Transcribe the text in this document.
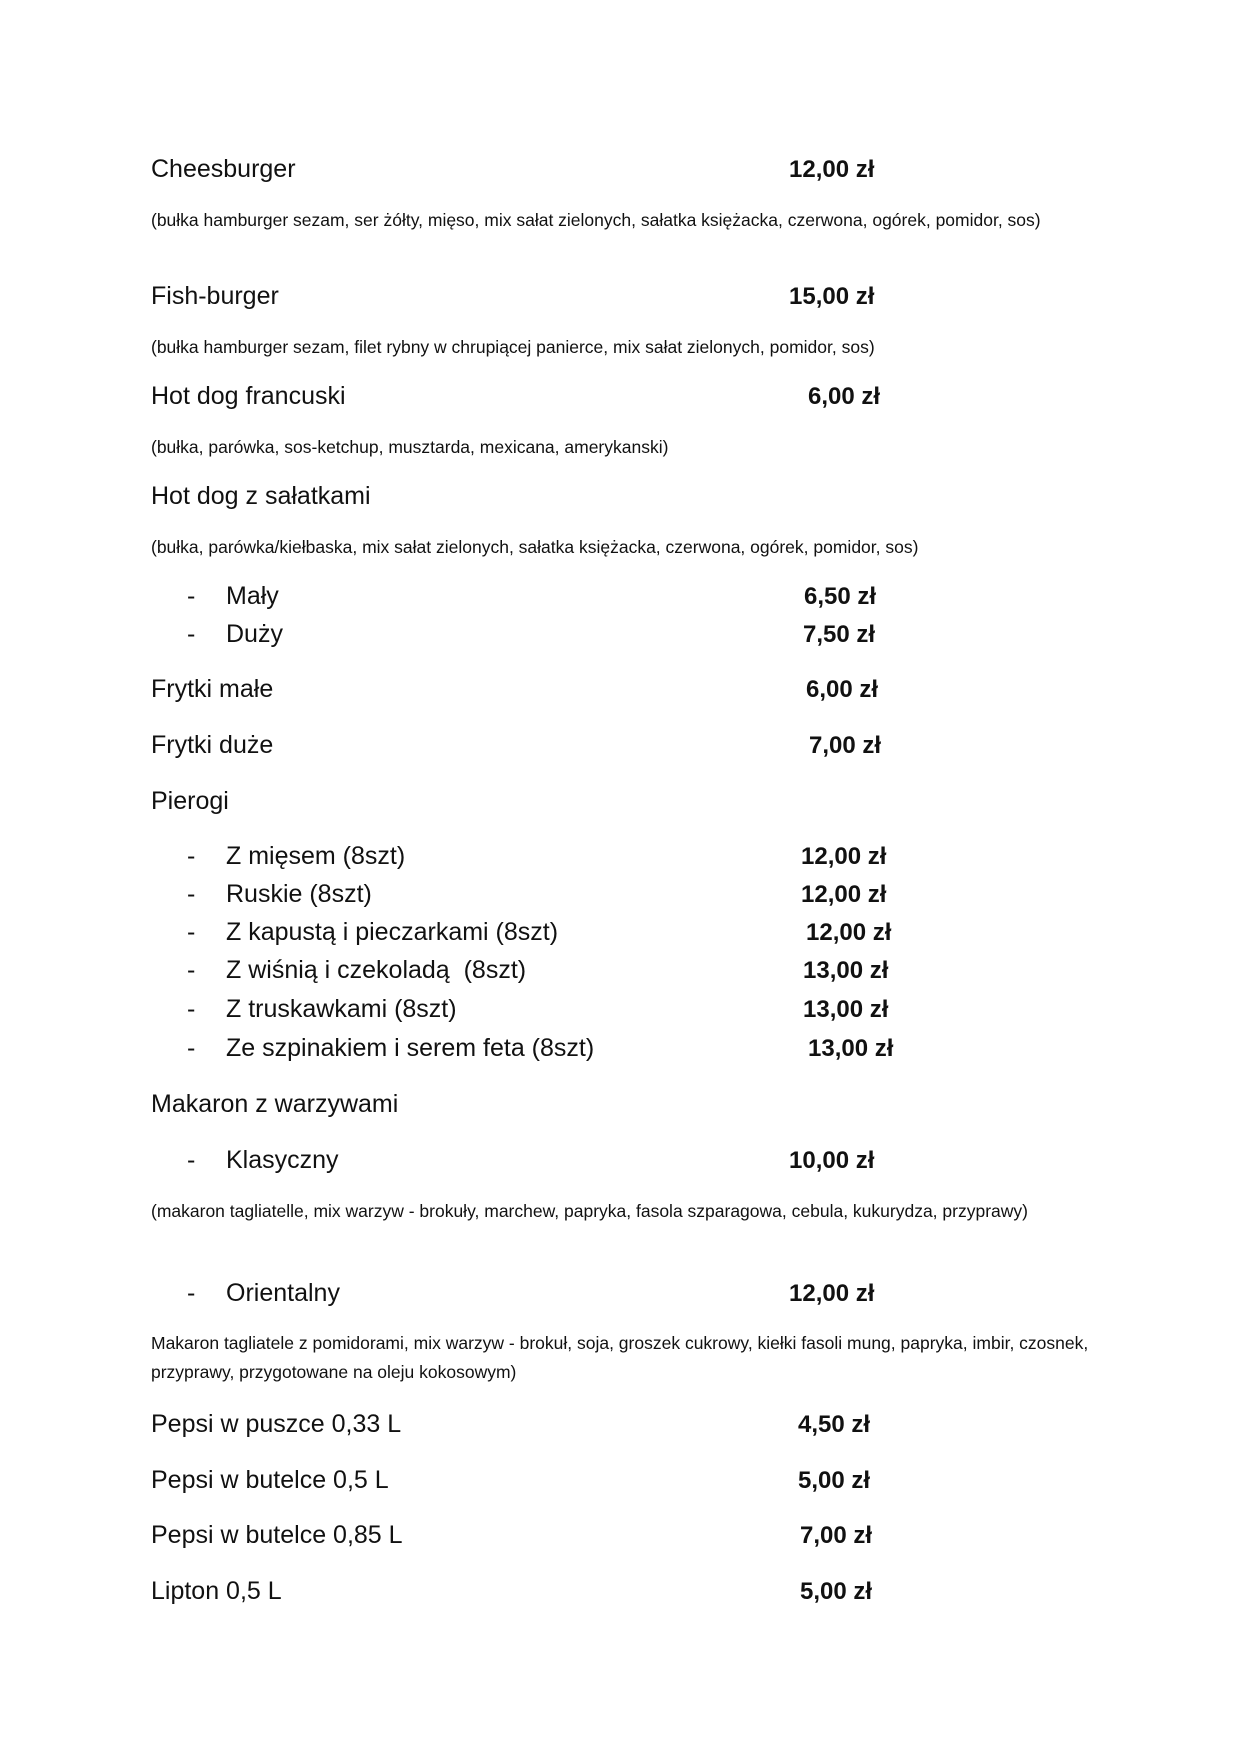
Cheesburger	12,00 zł
(bułka hamburger sezam, ser żółty, mięso, mix sałat zielonych, sałatka księżacka, czerwona, ogórek, pomidor, sos)
Fish-burger	15,00 zł
(bułka hamburger sezam, filet rybny w chrupiącej panierce, mix sałat zielonych, pomidor, sos)
Hot dog francuski	6,00 zł
(bułka, parówka, sos-ketchup, musztarda, mexicana, amerykanski)
Hot dog z sałatkami
(bułka, parówka/kiełbaska, mix sałat zielonych, sałatka księżacka, czerwona, ogórek, pomidor, sos)
- Mały	6,50 zł
- Duży	7,50 zł
Frytki małe	6,00 zł
Frytki duże	7,00 zł
Pierogi
- Z mięsem (8szt)	12,00 zł
- Ruskie (8szt)	12,00 zł
- Z kapustą i pieczarkami (8szt)	12,00 zł
- Z wiśnią i czekoladą  (8szt)	13,00 zł
- Z truskawkami (8szt)	13,00 zł
- Ze szpinakiem i serem feta (8szt)	13,00 zł
Makaron z warzywami
- Klasyczny	10,00 zł
(makaron tagliatelle, mix warzyw - brokuły, marchew, papryka, fasola szparagowa, cebula, kukurydza, przyprawy)
- Orientalny	12,00 zł
Makaron tagliatele z pomidorami, mix warzyw - brokuł, soja, groszek cukrowy, kiełki fasoli mung, papryka, imbir, czosnek, przyprawy, przygotowane na oleju kokosowym)
Pepsi w puszce 0,33 L	4,50 zł
Pepsi w butelce 0,5 L	5,00 zł
Pepsi w butelce 0,85 L	7,00 zł
Lipton 0,5 L	5,00 zł
